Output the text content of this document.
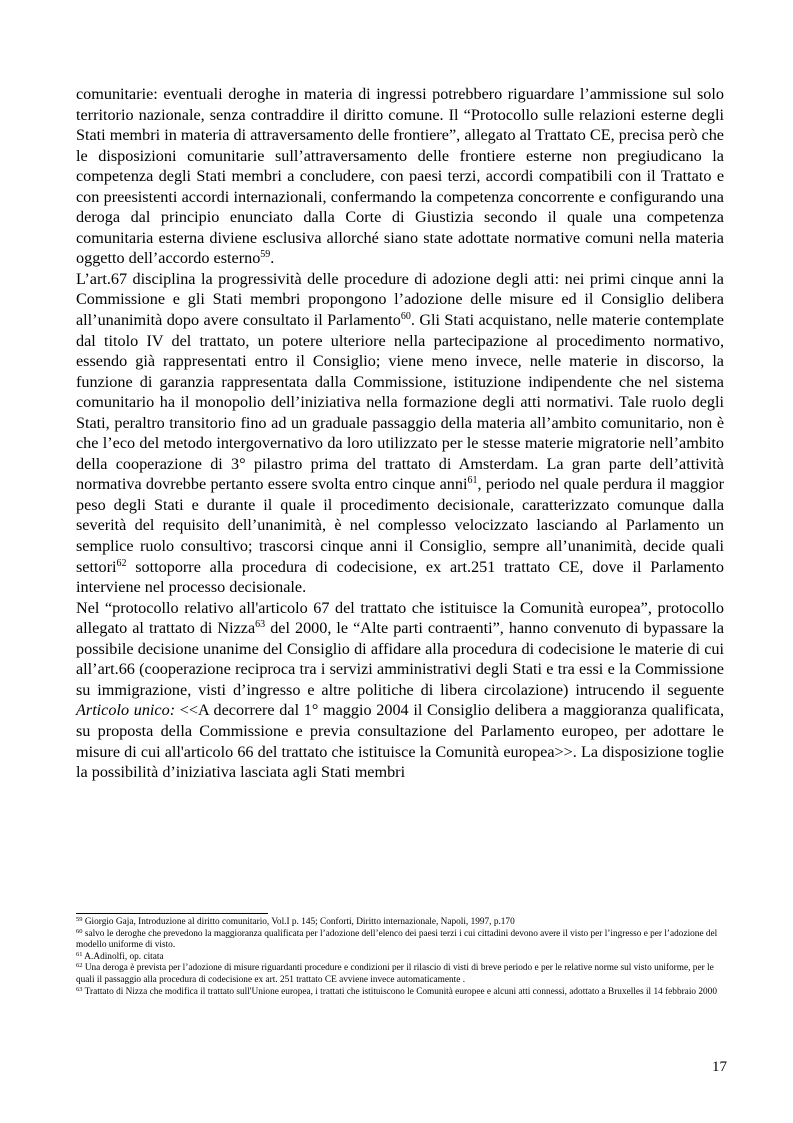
comunitarie: eventuali deroghe in materia di ingressi potrebbero riguardare l’ammissione sul solo territorio nazionale, senza contraddire il diritto comune. Il “Protocollo sulle relazioni esterne degli Stati membri in materia di attraversamento delle frontiere”, allegato al Trattato CE, precisa però che le disposizioni comunitarie sull’attraversamento delle frontiere esterne non pregiudicano la competenza degli Stati membri a concludere, con paesi terzi, accordi compatibili con il Trattato e con preesistenti accordi internazionali, confermando la competenza concorrente e configurando una deroga dal principio enunciato dalla Corte di Giustizia secondo il quale una competenza comunitaria esterna diviene esclusiva allorché siano state adottate normative comuni nella materia oggetto dell’accordo esterno$^{59}$.

L’art.67 disciplina la progressività delle procedure di adozione degli atti: nei primi cinque anni la Commissione e gli Stati membri propongono l’adozione delle misure ed il Consiglio delibera all’unanimità dopo avere consultato il Parlamento$^{60}$. Gli Stati acquistano, nelle materie contemplate dal titolo IV del trattato, un potere ulteriore nella partecipazione al procedimento normativo, essendo già rappresentati entro il Consiglio; viene meno invece, nelle materie in discorso, la funzione di garanzia rappresentata dalla Commissione, istituzione indipendente che nel sistema comunitario ha il monopolio dell’iniziativa nella formazione degli atti normativi. Tale ruolo degli Stati, peraltro transitorio fino ad un graduale passaggio della materia all’ambito comunitario, non è che l’eco del metodo intergovernativo da loro utilizzato per le stesse materie migratorie nell’ambito della cooperazione di 3° pilastro prima del trattato di Amsterdam. La gran parte dell’attività normativa dovrebbe pertanto essere svolta entro cinque anni$^{61}$, periodo nel quale perdura il maggior peso degli Stati e durante il quale il procedimento decisionale, caratterizzato comunque dalla severità del requisito dell’unanimità, è nel complesso velocizzato lasciando al Parlamento un semplice ruolo consultivo; trascorsi cinque anni il Consiglio, sempre all’unanimità, decide quali settori$^{62}$ sottoporre alla procedura di codecisione, ex art.251 trattato CE, dove il Parlamento interviene nel processo decisionale.

Nel “protocollo relativo all'articolo 67 del trattato che istituisce la Comunità europea”, protocollo allegato al trattato di Nizza$^{63}$ del 2000, le “Alte parti contraenti”, hanno convenuto di bypassare la possibile decisione unanime del Consiglio di affidare alla procedura di codecisione le materie di cui all’art.66 (cooperazione reciproca tra i servizi amministrativi degli Stati e tra essi e la Commissione su immigrazione, visti d’ingresso e altre politiche di libera circolazione) intrucendo il seguente Articolo unico: <<A decorrere dal 1° maggio 2004 il Consiglio delibera a maggioranza qualificata, su proposta della Commissione e previa consultazione del Parlamento europeo, per adottare le misure di cui all'articolo 66 del trattato che istituisce la Comunità europea>>. La disposizione toglie la possibilità d’iniziativa lasciata agli Stati membri

$^{59}$ Giorgio Gaja, Introduzione al diritto comunitario, Vol.I p. 145; Conforti, Diritto internazionale, Napoli, 1997, p.170

$^{60}$ salvo le deroghe che prevedono la maggioranza qualificata per l’adozione dell’elenco dei paesi terzi i cui cittadini devono avere il visto per l’ingresso e per l’adozione del modello uniforme di visto.

$^{61}$ A.Adinolfi, op. citata

$^{62}$ Una deroga è prevista per l’adozione di misure riguardanti procedure e condizioni per il rilascio di visti di breve periodo e per le relative norme sul visto uniforme, per le quali il passaggio alla procedura di codecisione ex art. 251 trattato CE avviene invece automaticamente .

$^{63}$ Trattato di Nizza che modifica il trattato sull'Unione europea, i trattati che istituiscono le Comunità europee e alcuni atti connessi, adottato a Bruxelles il 14 febbraio 2000

17
